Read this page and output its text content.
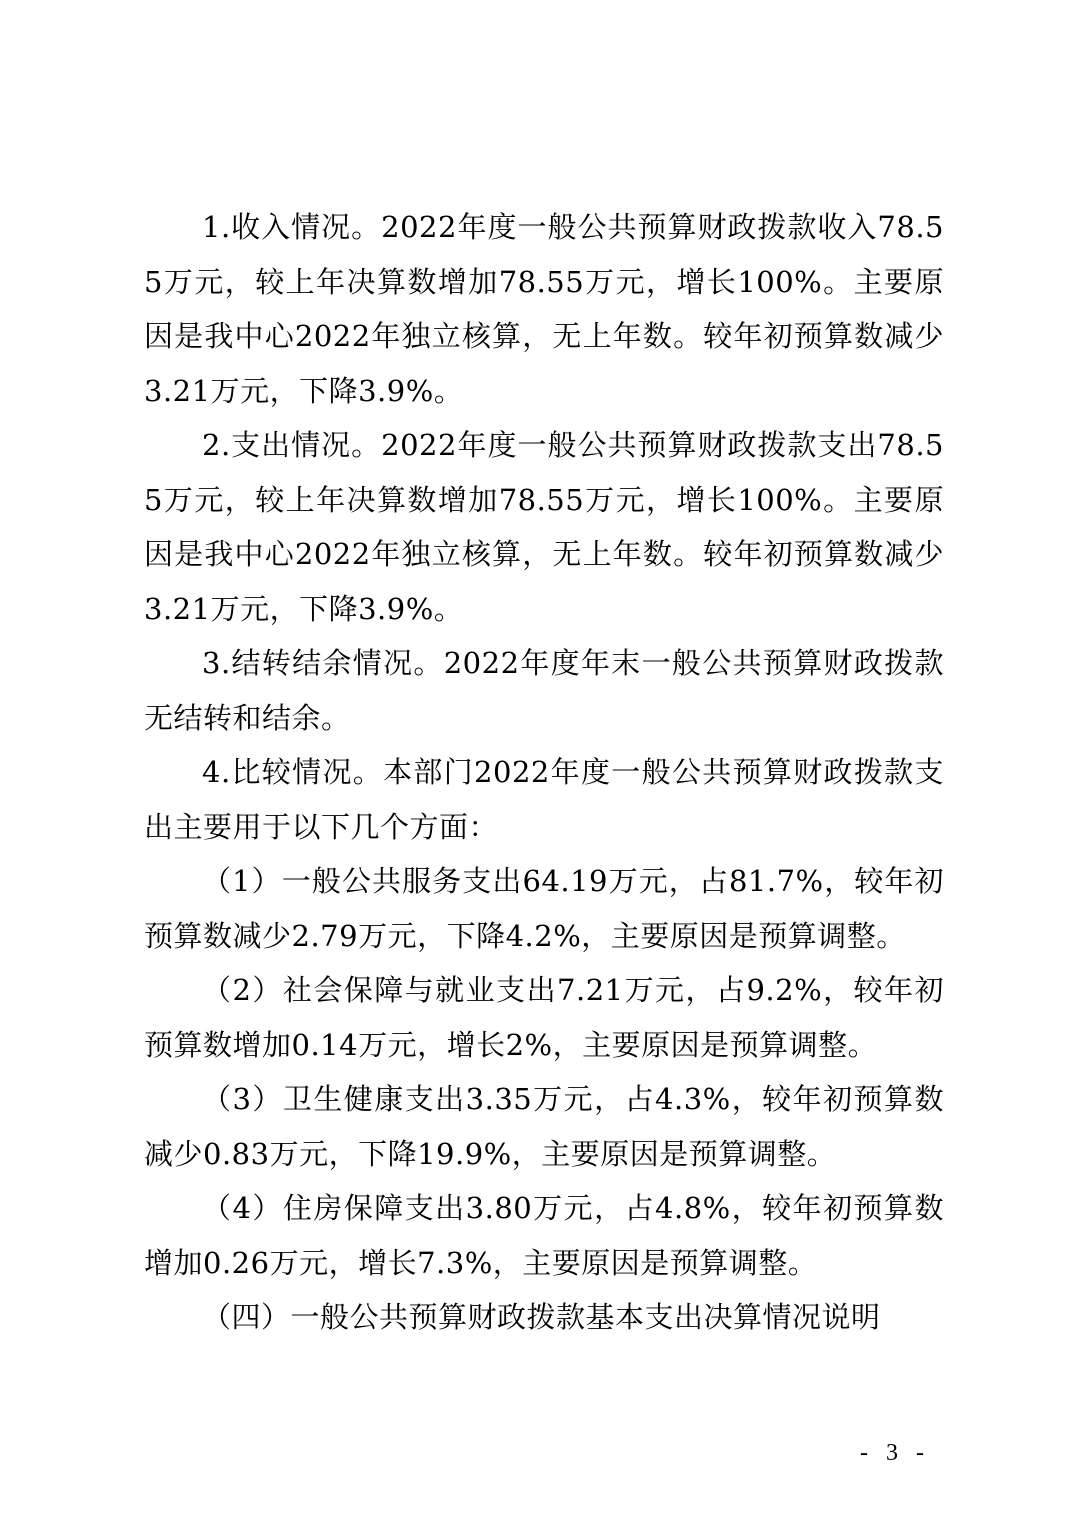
1.收入情况。2022年度一般公共预算财政拨款收入78.55万元，较上年决算数增加78.55万元，增长100%。主要原因是我中心2022年独立核算，无上年数。较年初预算数减少3.21万元，下降3.9%。

2.支出情况。2022年度一般公共预算财政拨款支出78.55万元，较上年决算数增加78.55万元，增长100%。主要原因是我中心2022年独立核算，无上年数。较年初预算数减少3.21万元，下降3.9%。

3.结转结余情况。2022年度年末一般公共预算财政拨款无结转和结余。

4.比较情况。本部门2022年度一般公共预算财政拨款支出主要用于以下几个方面：

（1）一般公共服务支出64.19万元，占81.7%，较年初预算数减少2.79万元，下降4.2%，主要原因是预算调整。

（2）社会保障与就业支出7.21万元，占9.2%，较年初预算数增加0.14万元，增长2%，主要原因是预算调整。

（3）卫生健康支出3.35万元，占4.3%，较年初预算数减少0.83万元，下降19.9%，主要原因是预算调整。

（4）住房保障支出3.80万元，占4.8%，较年初预算数增加0.26万元，增长7.3%，主要原因是预算调整。

（四）一般公共预算财政拨款基本支出决算情况说明

- 3 -
